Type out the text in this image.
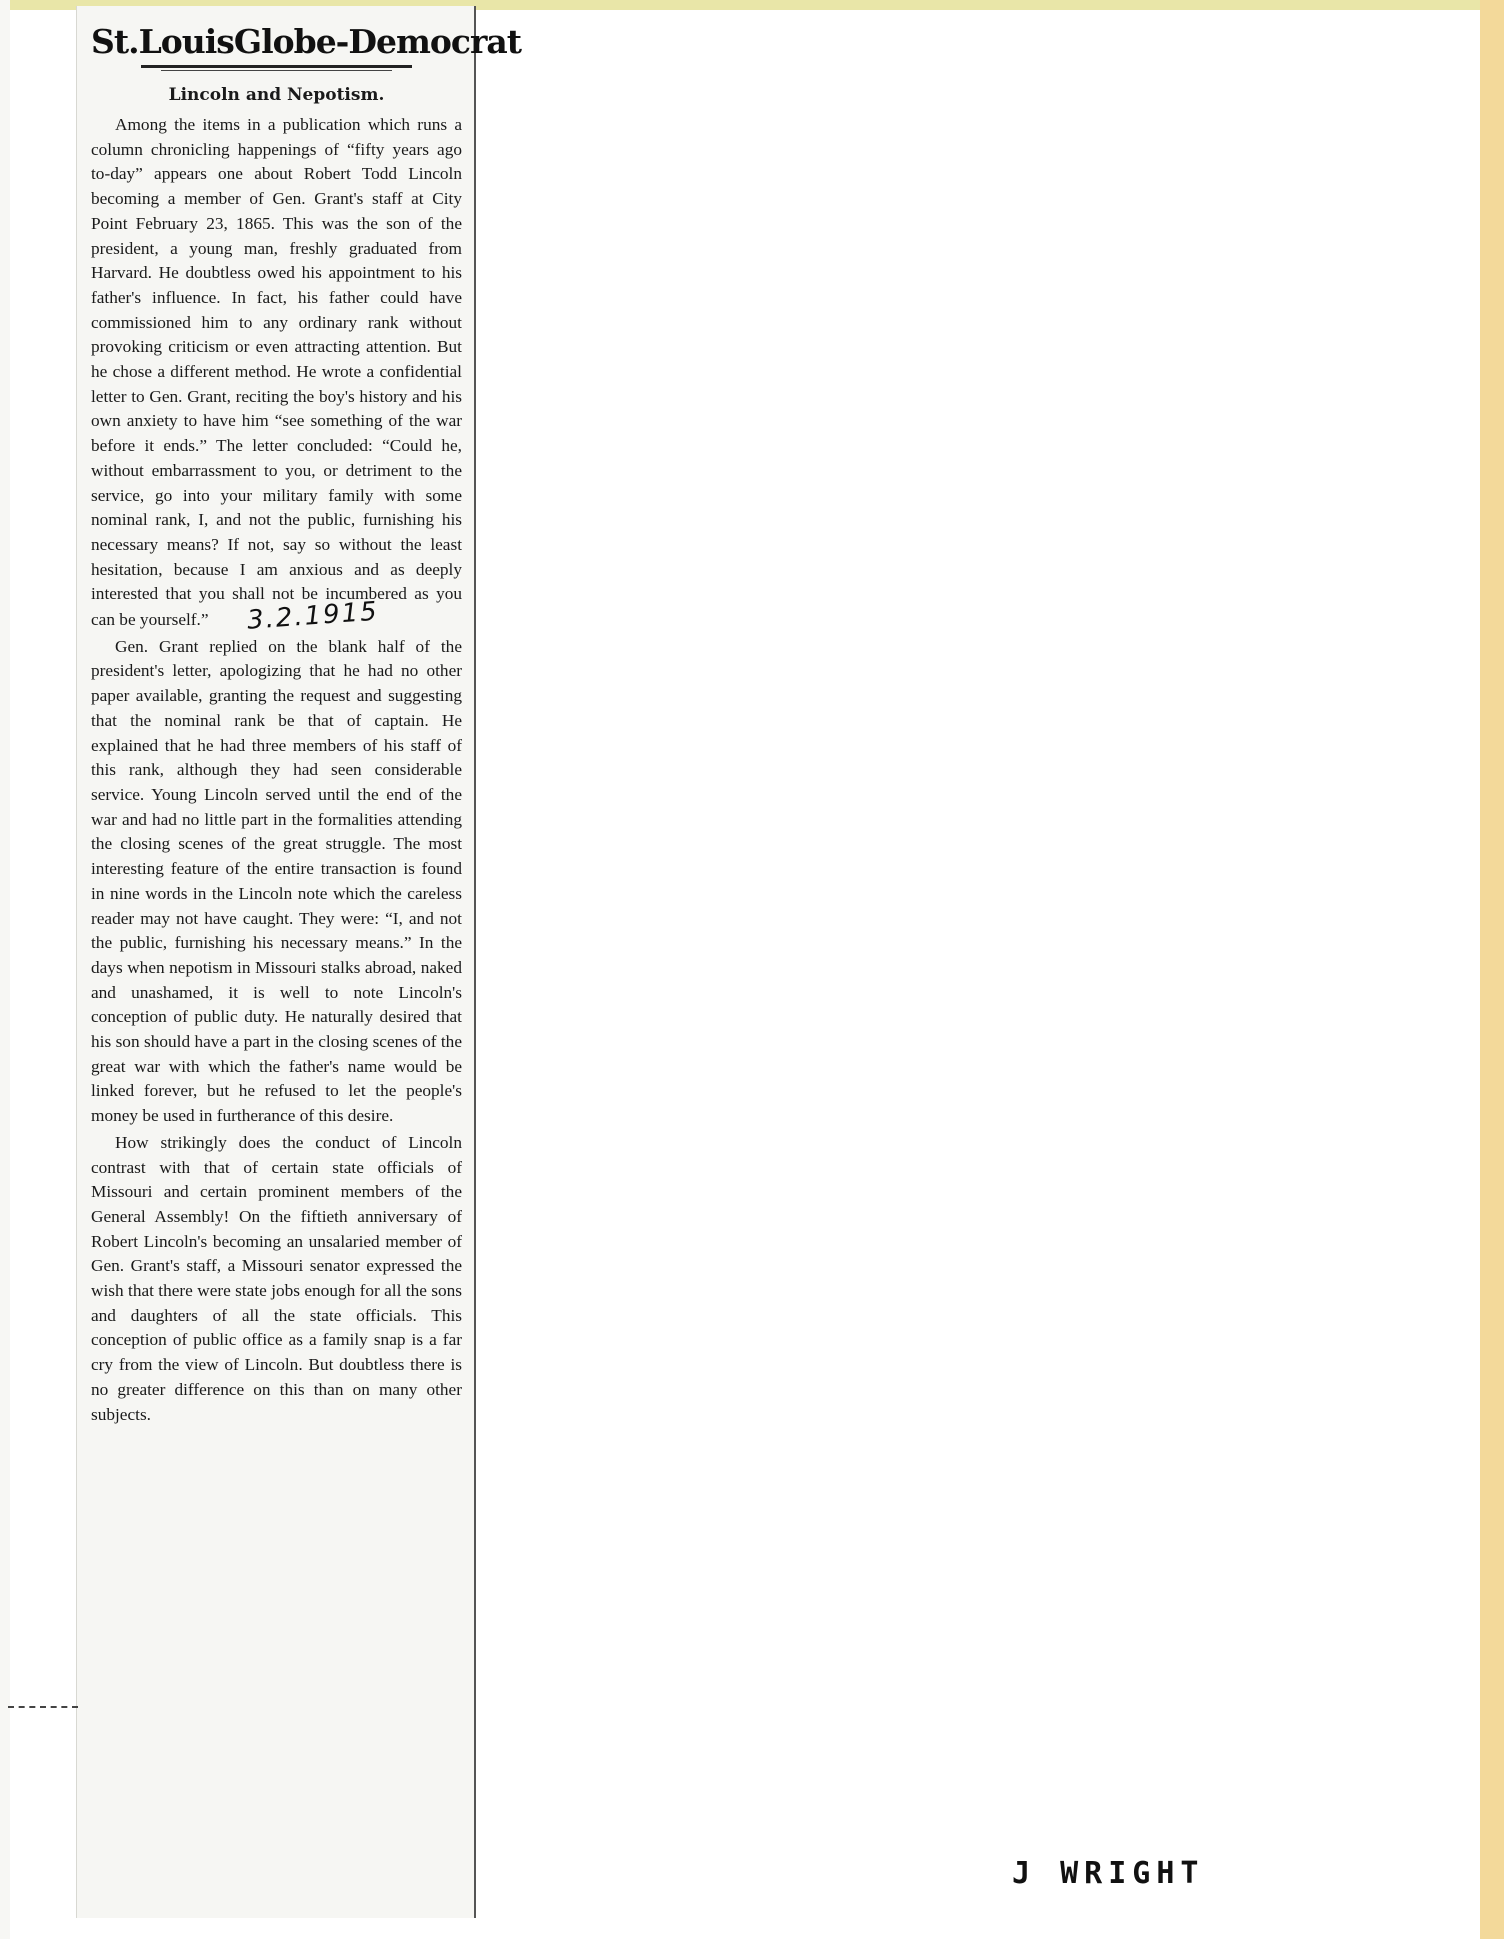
St.LouisGlobe-Democrat
Lincoln and Nepotism.

Among the items in a publication which runs a column chronicling happenings of “fifty years ago to-day” appears one about Robert Todd Lincoln becoming a member of Gen. Grant's staff at City Point February 23, 1865. This was the son of the president, a young man, freshly graduated from Harvard. He doubtless owed his appointment to his father's influence. In fact, his father could have commissioned him to any ordinary rank without provoking criticism or even attracting attention. But he chose a different method. He wrote a confidential letter to Gen. Grant, reciting the boy's history and his own anxiety to have him “see something of the war before it ends.” The letter concluded: “Could he, without embarrassment to you, or detriment to the service, go into your military family with some nominal rank, I, and not the public, furnishing his necessary means? If not, say so without the least hesitation, because I am anxious and as deeply interested that you shall not be incumbered as you can be yourself.” 3.2.1915

Gen. Grant replied on the blank half of the president's letter, apologizing that he had no other paper available, granting the request and suggesting that the nominal rank be that of captain. He explained that he had three members of his staff of this rank, although they had seen considerable service. Young Lincoln served until the end of the war and had no little part in the formalities attending the closing scenes of the great struggle. The most interesting feature of the entire transaction is found in nine words in the Lincoln note which the careless reader may not have caught. They were: “I, and not the public, furnishing his necessary means.” In the days when nepotism in Missouri stalks abroad, naked and unashamed, it is well to note Lincoln's conception of public duty. He naturally desired that his son should have a part in the closing scenes of the great war with which the father's name would be linked forever, but he refused to let the people's money be used in furtherance of this desire.

How strikingly does the conduct of Lincoln contrast with that of certain state officials of Missouri and certain prominent members of the General Assembly! On the fiftieth anniversary of Robert Lincoln's becoming an unsalaried member of Gen. Grant's staff, a Missouri senator expressed the wish that there were state jobs enough for all the sons and daughters of all the state officials. This conception of public office as a family snap is a far cry from the view of Lincoln. But doubtless there is no greater difference on this than on many other subjects.

J WRIGHT
